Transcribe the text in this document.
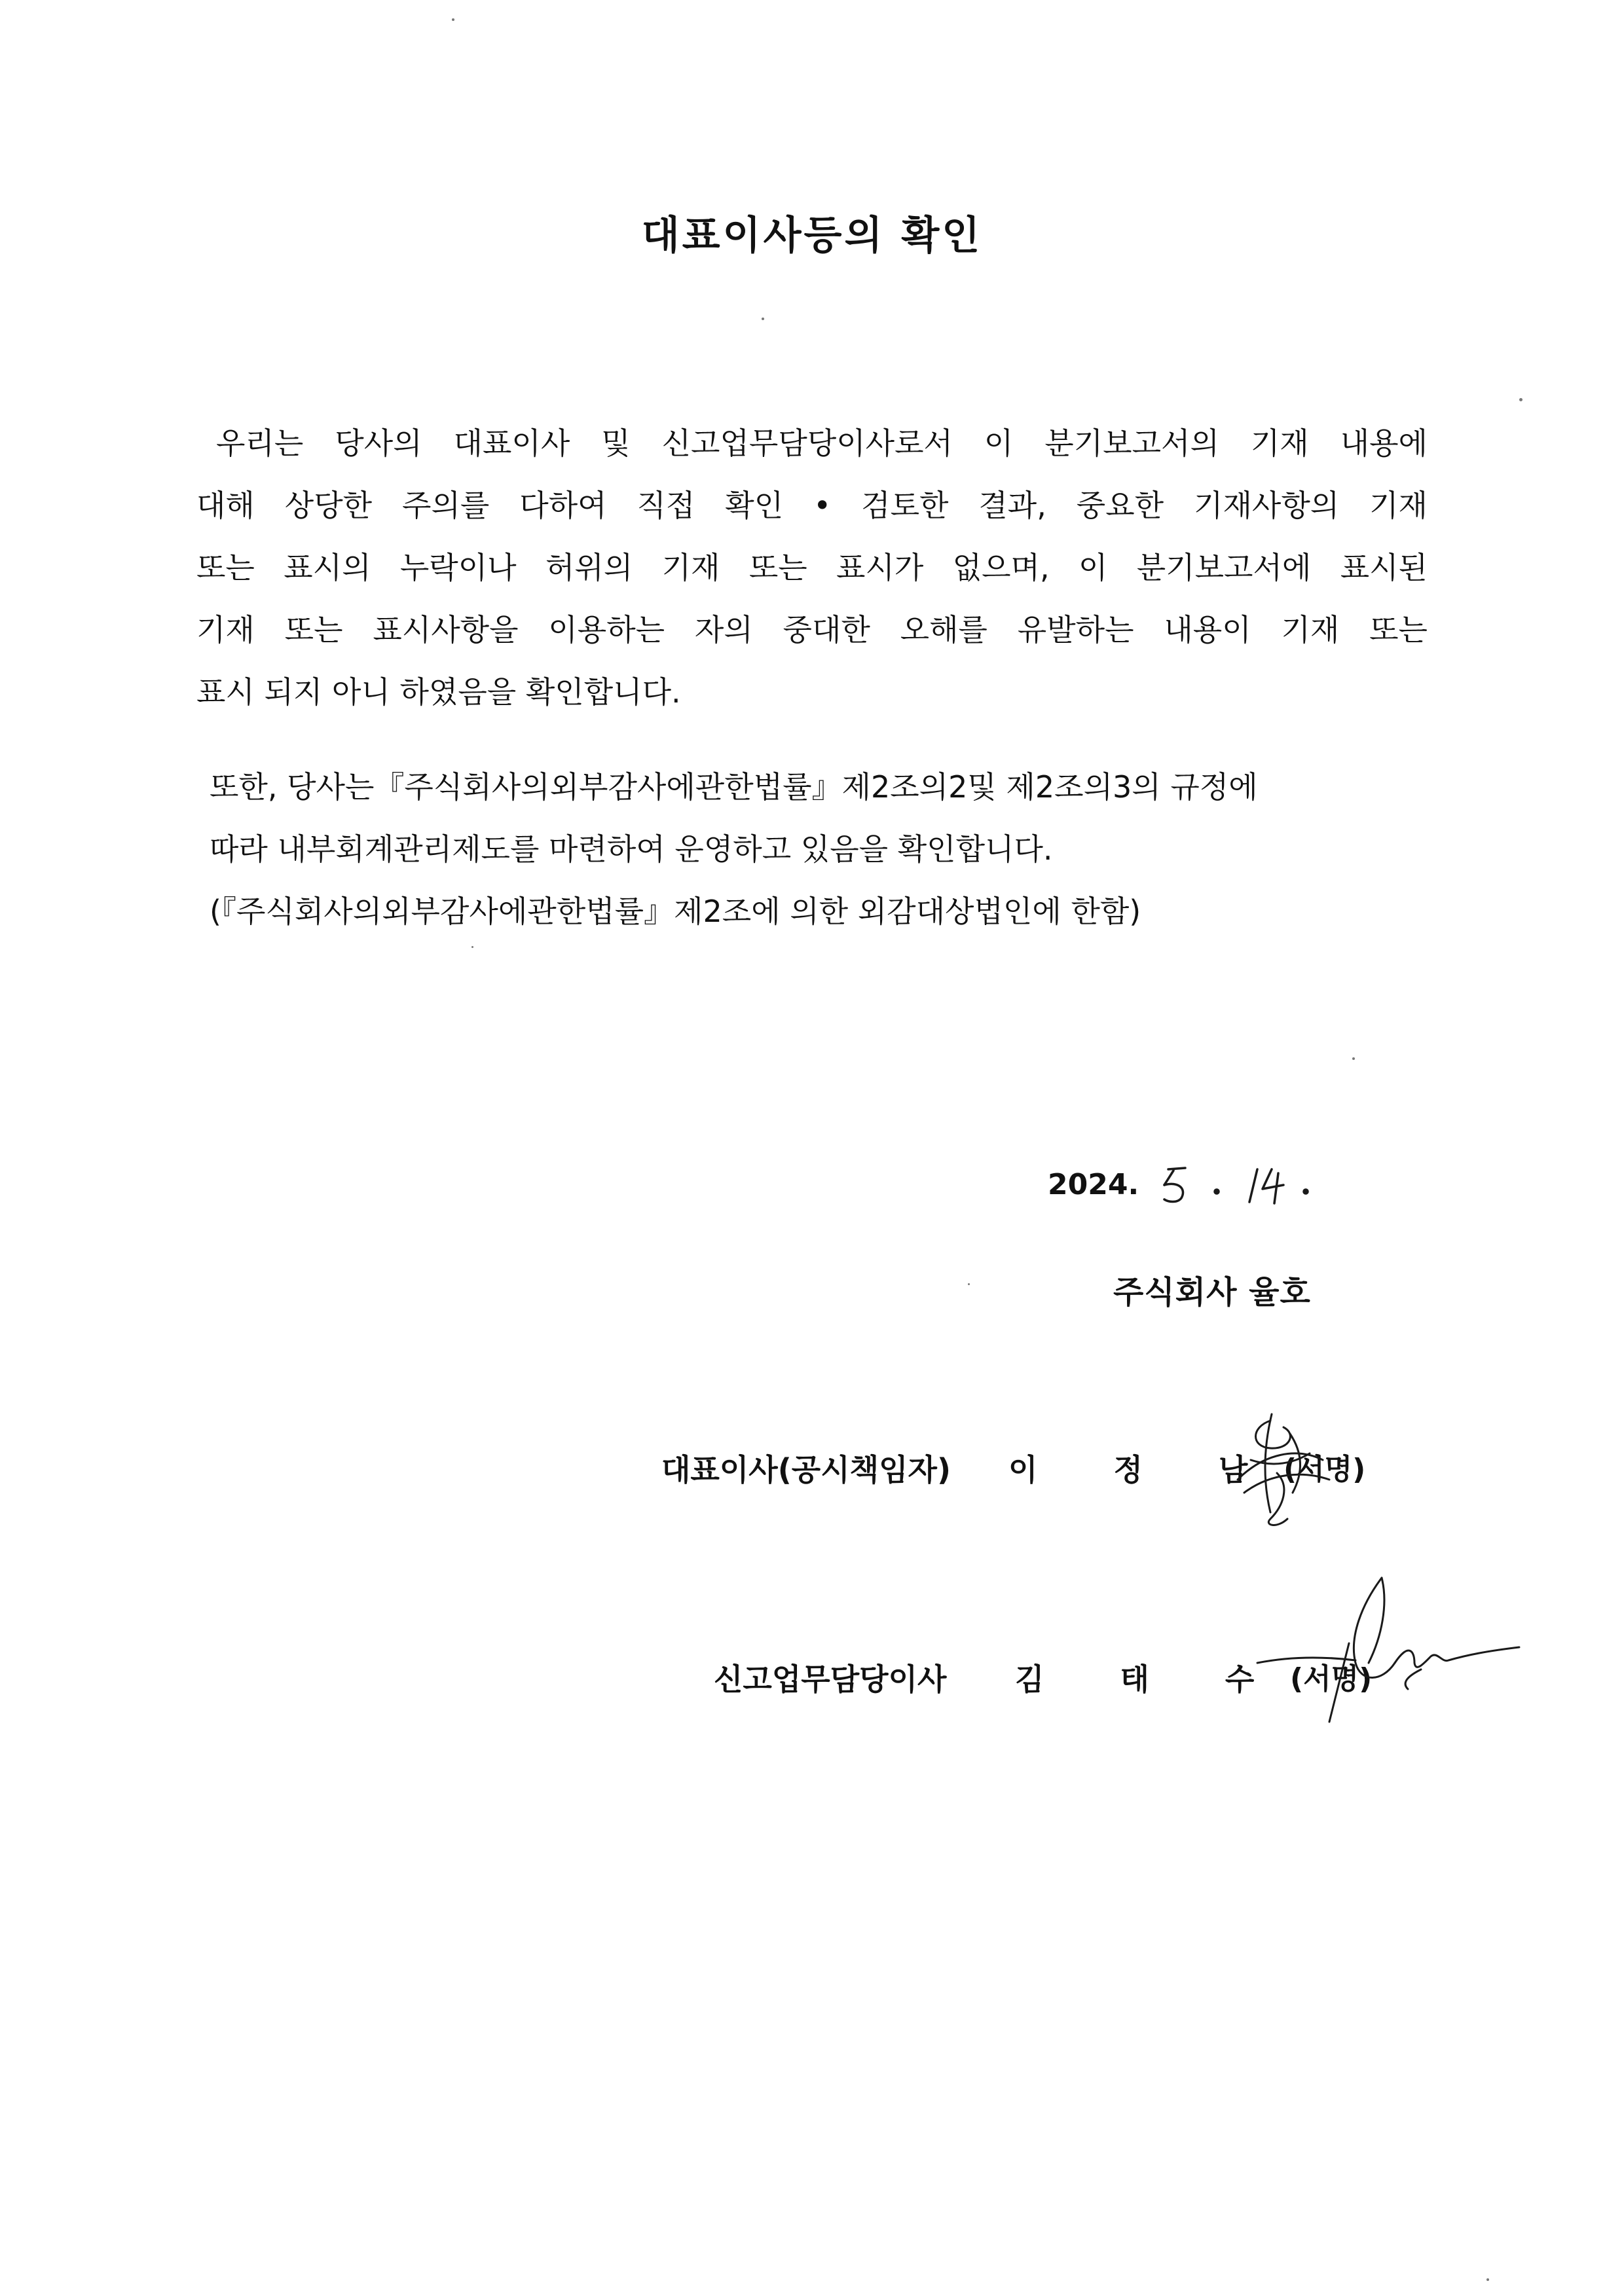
대표이사등의 확인
우리는 당사의 대표이사 및 신고업무담당이사로서 이 분기보고서의 기재 내용에
대해 상당한 주의를 다하여 직접 확인 • 검토한 결과, 중요한 기재사항의 기재
또는 표시의 누락이나 허위의 기재 또는 표시가 없으며, 이 분기보고서에 표시된
기재 또는 표시사항을 이용하는 자의 중대한 오해를 유발하는 내용이 기재 또는
표시 되지 아니 하였음을 확인합니다.
또한, 당사는『주식회사의외부감사에관한법률』제2조의2및 제2조의3의 규정에
따라 내부회계관리제도를 마련하여 운영하고 있음을 확인합니다.
(『주식회사의외부감사에관한법률』제2조에 의한 외감대상법인에 한함)
2024.
주식회사 율호
대표이사(공시책임자) 이 정 남 (서명)
신고업무담당이사 김 태 수 (서명)
